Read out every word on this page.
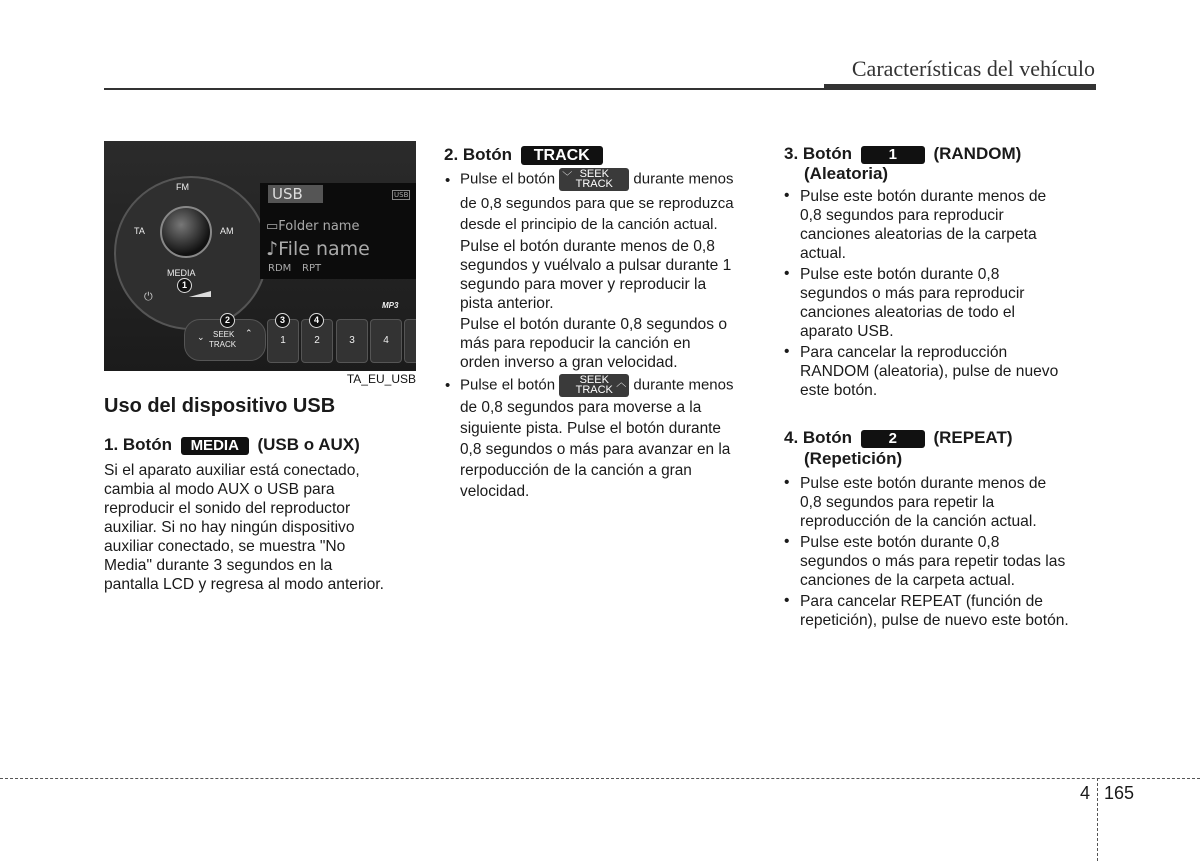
Características del vehículo
FM
TA	AM
MEDIA
⏻
1
USB	USB
▭Folder name
♪File name
RDM RPT
MP3
⌄ SEEK
TRACK
⌃
1	2	3	4
2	3	4
TA_EU_USB
Uso del dispositivo USB
1. Botón MEDIA (USB o AUX)
Si el aparato auxiliar está conectado,
cambia al modo AUX o USB para
reproducir el sonido del reproductor
auxiliar. Si no hay ningún dispositivo
auxiliar conectado, se muestra "No
Media" durante 3 segundos en la
pantalla LCD y regresa al modo anterior.
2. Botón TRACK
• Pulse el botón ﹀ SEEK
TRACK	durante menos
de 0,8 segundos para que se reproduzca
desde el principio de la canción actual.
Pulse el botón durante menos de 0,8
segundos y vuélvalo a pulsar durante 1
segundo para mover y reproducir la
pista anterior.
Pulse el botón durante 0,8 segundos o
más para repoducir la canción en
orden inverso a gran velocidad.
• Pulse el botón	SEEK
TRACK
︿ durante menos
de 0,8 segundos para moverse a la
siguiente pista. Pulse el botón durante
0,8 segundos o más para avanzar en la
rerpoducción de la canción a gran
velocidad.
3. Botón 1 (RANDOM)
(Aleatoria)
• Pulse este botón durante menos de
0,8 segundos para reproducir
canciones aleatorias de la carpeta
actual.
• Pulse este botón durante 0,8
segundos o más para reproducir
canciones aleatorias de todo el
aparato USB.
• Para cancelar la reproducción
RANDOM (aleatoria), pulse de nuevo
este botón.
4. Botón 2 (REPEAT)
(Repetición)
• Pulse este botón durante menos de
0,8 segundos para repetir la
reproducción de la canción actual.
• Pulse este botón durante 0,8
segundos o más para repetir todas las
canciones de la carpeta actual.
• Para cancelar REPEAT (función de
repetición), pulse de nuevo este botón.
4 165
